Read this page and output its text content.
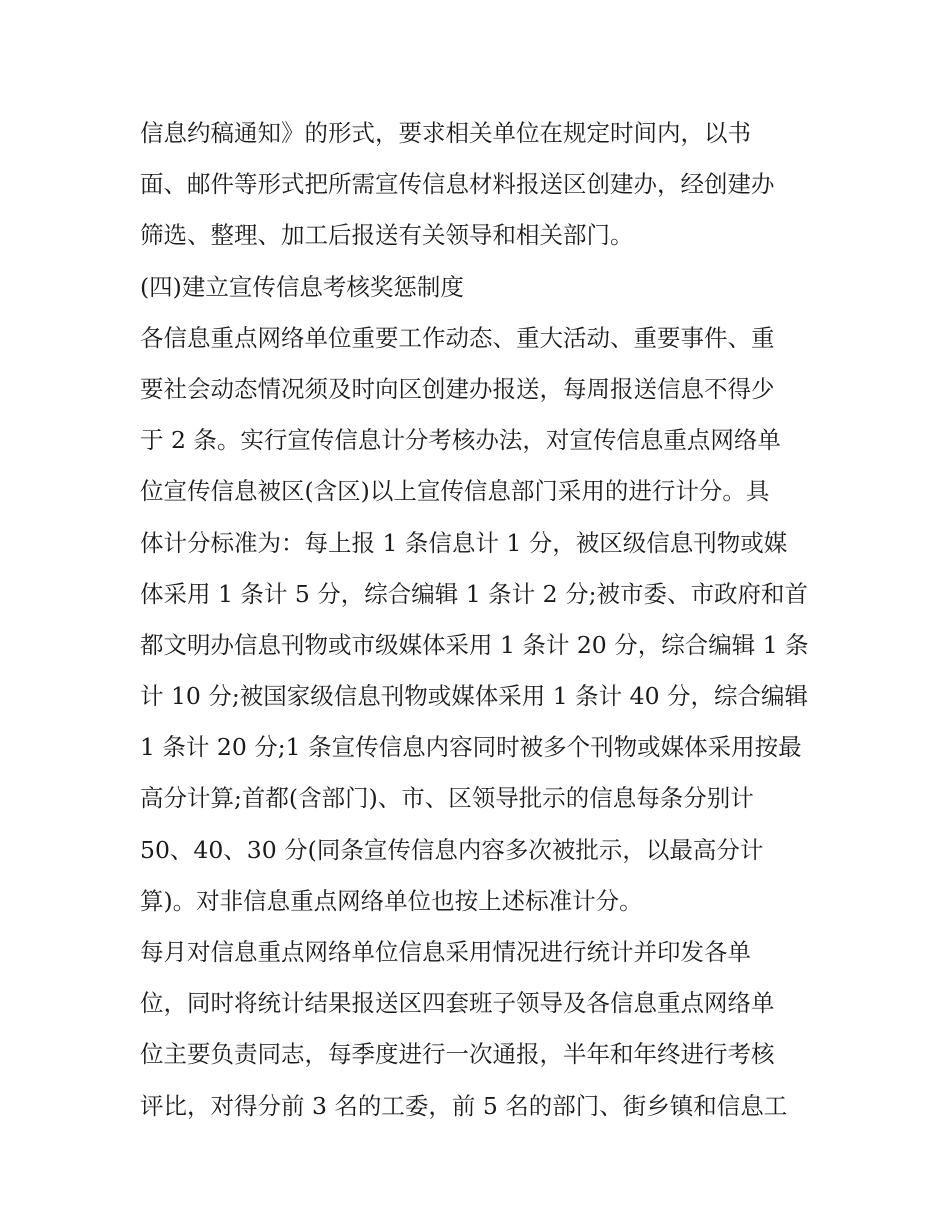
信息约稿通知》的形式，要求相关单位在规定时间内，以书
面、邮件等形式把所需宣传信息材料报送区创建办，经创建办
筛选、整理、加工后报送有关领导和相关部门。
(四)建立宣传信息考核奖惩制度
各信息重点网络单位重要工作动态、重大活动、重要事件、重
要社会动态情况须及时向区创建办报送，每周报送信息不得少
于 2 条。实行宣传信息计分考核办法，对宣传信息重点网络单
位宣传信息被区(含区)以上宣传信息部门采用的进行计分。具
体计分标准为：每上报 1 条信息计 1 分，被区级信息刊物或媒
体采用 1 条计 5 分，综合编辑 1 条计 2 分;被市委、市政府和首
都文明办信息刊物或市级媒体采用 1 条计 20 分，综合编辑 1 条
计 10 分;被国家级信息刊物或媒体采用 1 条计 40 分，综合编辑
1 条计 20 分;1 条宣传信息内容同时被多个刊物或媒体采用按最
高分计算;首都(含部门)、市、区领导批示的信息每条分别计
50、40、30 分(同条宣传信息内容多次被批示，以最高分计
算)。对非信息重点网络单位也按上述标准计分。
每月对信息重点网络单位信息采用情况进行统计并印发各单
位，同时将统计结果报送区四套班子领导及各信息重点网络单
位主要负责同志，每季度进行一次通报，半年和年终进行考核
评比，对得分前 3 名的工委，前 5 名的部门、街乡镇和信息工
